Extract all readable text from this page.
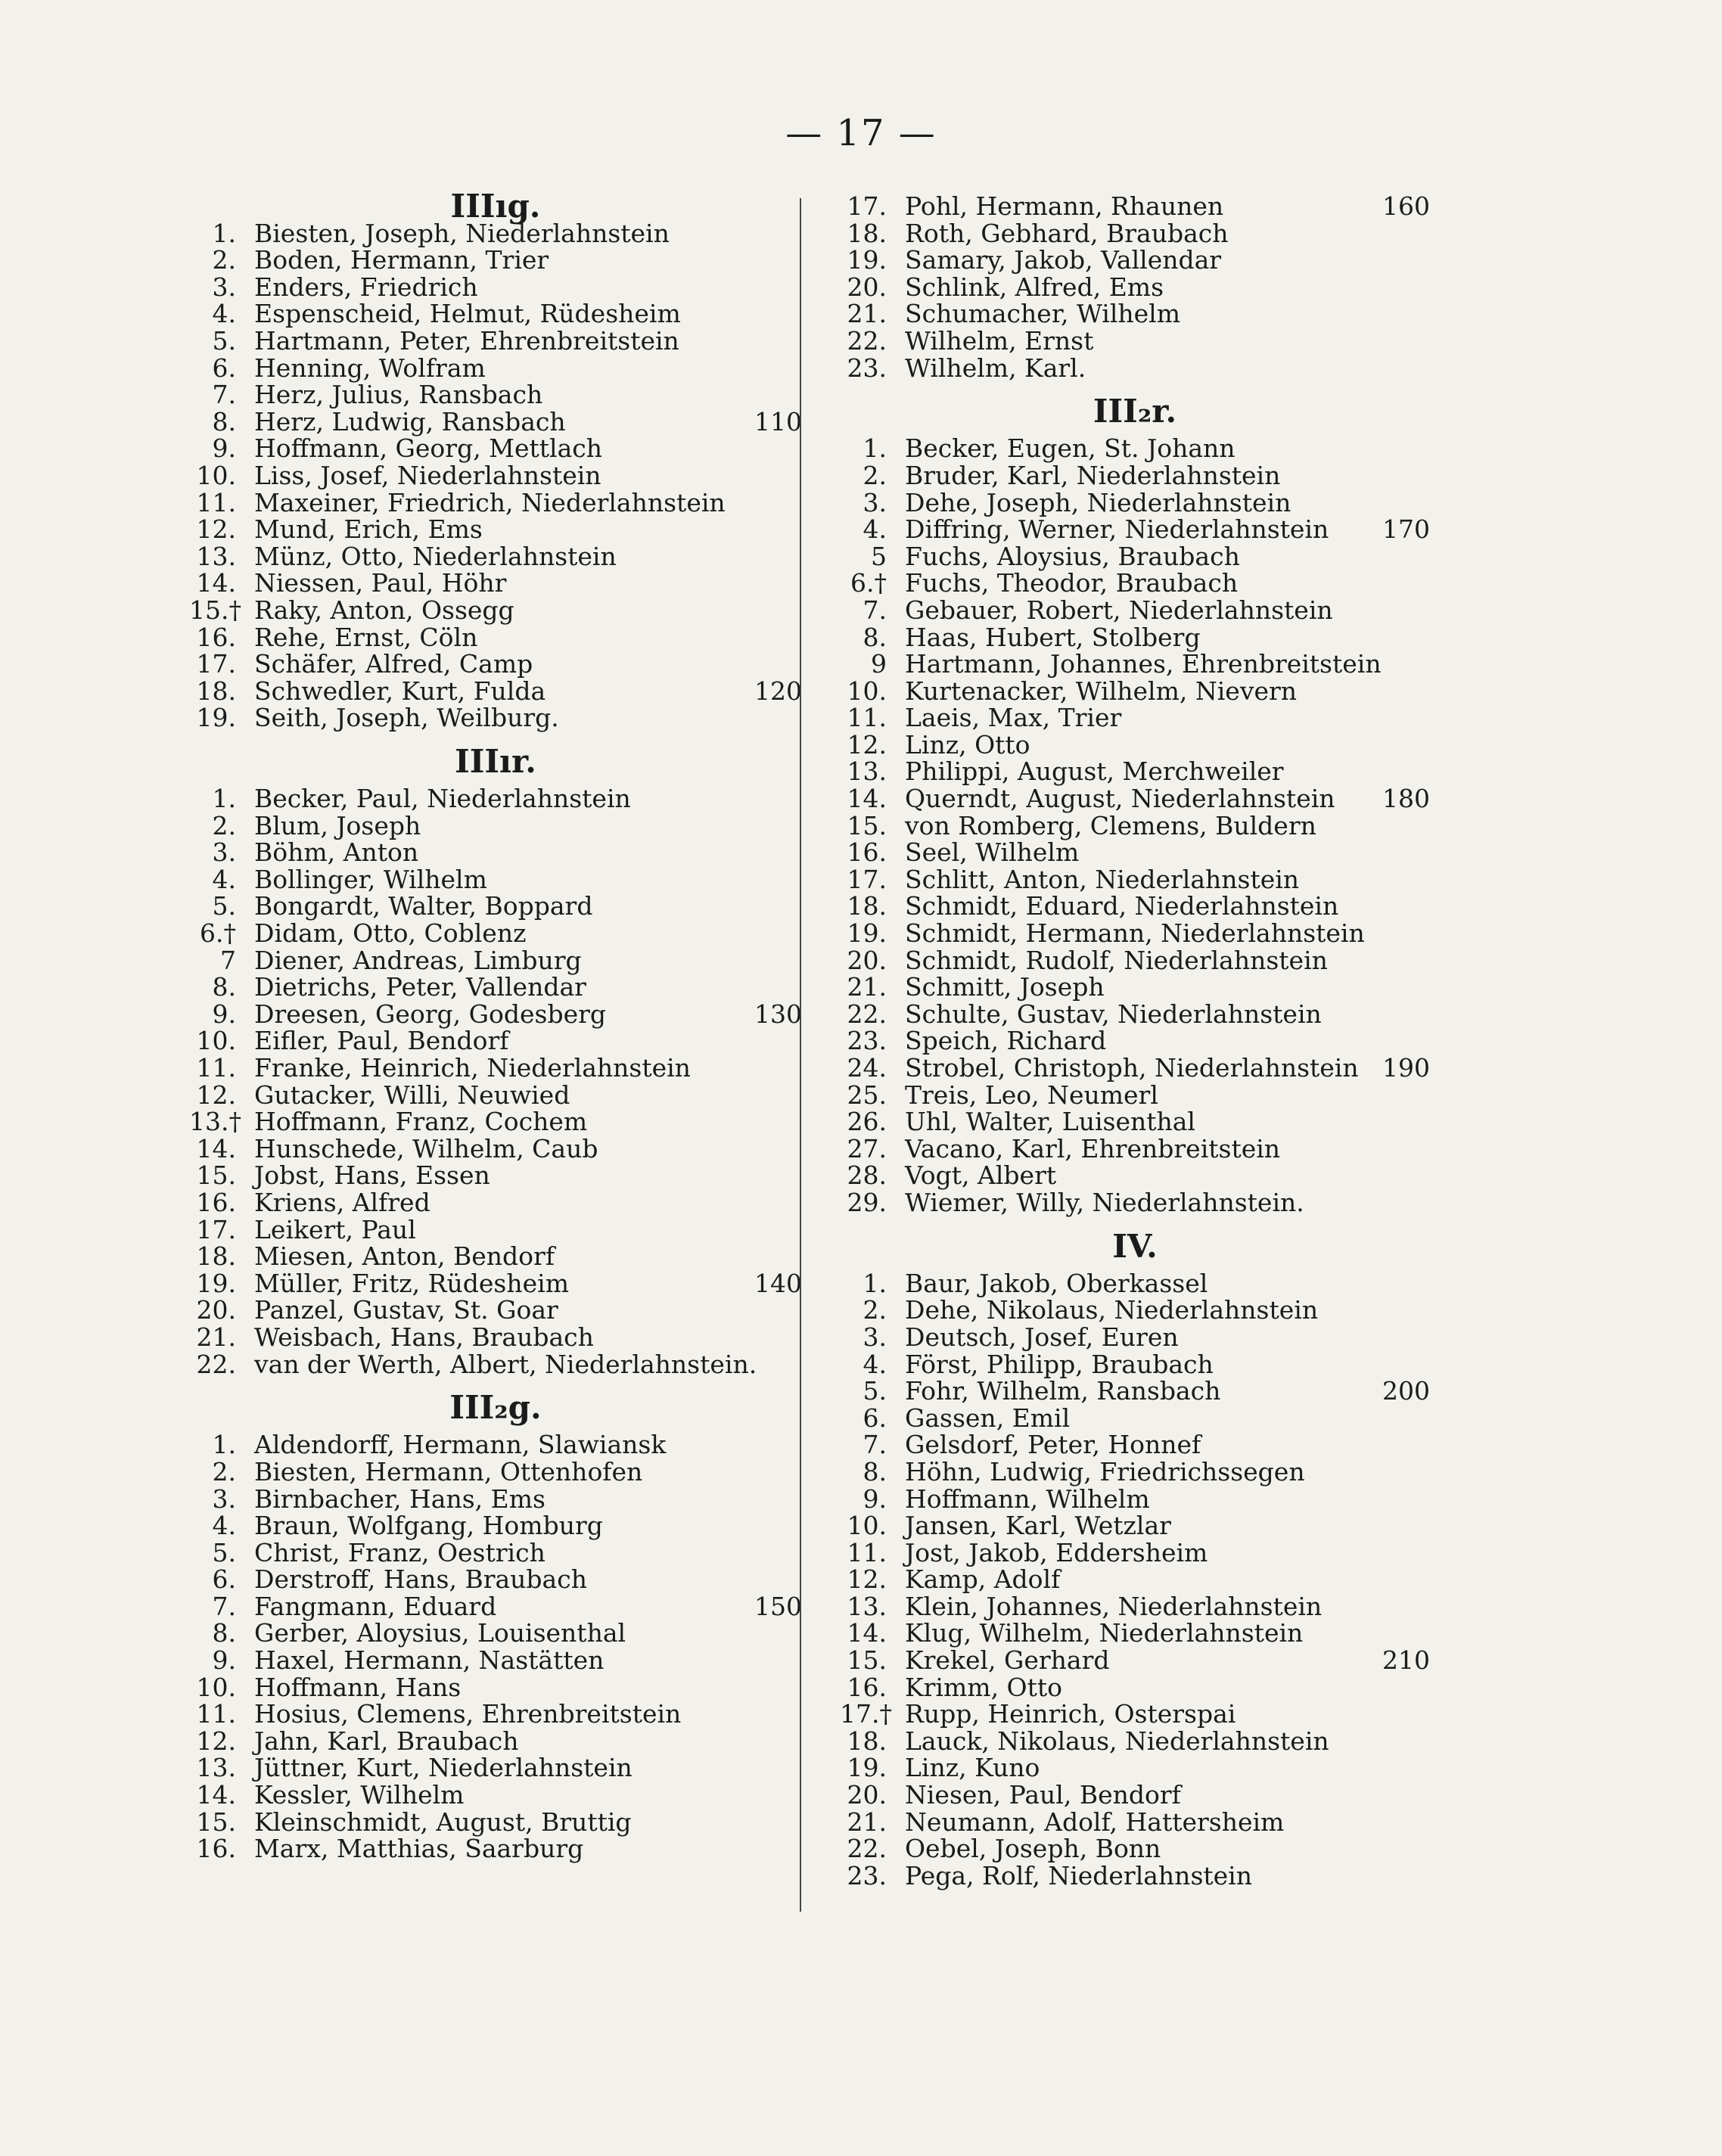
— 17 —
IIIıg.
1. Biesten, Joseph, Niederlahnstein
2. Boden, Hermann, Trier
3. Enders, Friedrich
4. Espenscheid, Helmut, Rüdesheim
5. Hartmann, Peter, Ehrenbreitstein
6. Henning, Wolfram
7. Herz, Julius, Ransbach
8. Herz, Ludwig, Ransbach	110
9. Hoffmann, Georg, Mettlach
10. Liss, Josef, Niederlahnstein
11. Maxeiner, Friedrich, Niederlahnstein
12. Mund, Erich, Ems
13. Münz, Otto, Niederlahnstein
14. Niessen, Paul, Höhr
15.† Raky, Anton, Ossegg
16. Rehe, Ernst, Cöln
17. Schäfer, Alfred, Camp
18. Schwedler, Kurt, Fulda	120
19. Seith, Joseph, Weilburg.
IIIır.
1. Becker, Paul, Niederlahnstein
2. Blum, Joseph
3. Böhm, Anton
4. Bollinger, Wilhelm
5. Bongardt, Walter, Boppard
6.† Didam, Otto, Coblenz
7 Diener, Andreas, Limburg
8. Dietrichs, Peter, Vallendar
9. Dreesen, Georg, Godesberg	130
10. Eifler, Paul, Bendorf
11. Franke, Heinrich, Niederlahnstein
12. Gutacker, Willi, Neuwied
13.† Hoffmann, Franz, Cochem
14. Hunschede, Wilhelm, Caub
15. Jobst, Hans, Essen
16. Kriens, Alfred
17. Leikert, Paul
18. Miesen, Anton, Bendorf
19. Müller, Fritz, Rüdesheim	140
20. Panzel, Gustav, St. Goar
21. Weisbach, Hans, Braubach
22. van der Werth, Albert, Niederlahnstein.
III₂g.
1. Aldendorff, Hermann, Slawiansk
2. Biesten, Hermann, Ottenhofen
3. Birnbacher, Hans, Ems
4. Braun, Wolfgang, Homburg
5. Christ, Franz, Oestrich
6. Derstroff, Hans, Braubach
7. Fangmann, Eduard	150
8. Gerber, Aloysius, Louisenthal
9. Haxel, Hermann, Nastätten
10. Hoffmann, Hans
11. Hosius, Clemens, Ehrenbreitstein
12. Jahn, Karl, Braubach
13. Jüttner, Kurt, Niederlahnstein
14. Kessler, Wilhelm
15. Kleinschmidt, August, Bruttig
16. Marx, Matthias, Saarburg
17. Pohl, Hermann, Rhaunen	160
18. Roth, Gebhard, Braubach
19. Samary, Jakob, Vallendar
20. Schlink, Alfred, Ems
21. Schumacher, Wilhelm
22. Wilhelm, Ernst
23. Wilhelm, Karl.
III₂r.
1. Becker, Eugen, St. Johann
2. Bruder, Karl, Niederlahnstein
3. Dehe, Joseph, Niederlahnstein
4. Diffring, Werner, Niederlahnstein 170
5 Fuchs, Aloysius, Braubach
6.† Fuchs, Theodor, Braubach
7. Gebauer, Robert, Niederlahnstein
8. Haas, Hubert, Stolberg
9 Hartmann, Johannes, Ehrenbreitstein
10. Kurtenacker, Wilhelm, Nievern
11. Laeis, Max, Trier
12. Linz, Otto
13. Philippi, August, Merchweiler
14. Querndt, August, Niederlahnstein 180
15. von Romberg, Clemens, Buldern
16. Seel, Wilhelm
17. Schlitt, Anton, Niederlahnstein
18. Schmidt, Eduard, Niederlahnstein
19. Schmidt, Hermann, Niederlahnstein
20. Schmidt, Rudolf, Niederlahnstein
21. Schmitt, Joseph
22. Schulte, Gustav, Niederlahnstein
23. Speich, Richard
24. Strobel, Christoph, Niederlahnstein 190
25. Treis, Leo, Neumerl
26. Uhl, Walter, Luisenthal
27. Vacano, Karl, Ehrenbreitstein
28. Vogt, Albert
29. Wiemer, Willy, Niederlahnstein.
IV.
1. Baur, Jakob, Oberkassel
2. Dehe, Nikolaus, Niederlahnstein
3. Deutsch, Josef, Euren
4. Först, Philipp, Braubach
5. Fohr, Wilhelm, Ransbach	200
6. Gassen, Emil
7. Gelsdorf, Peter, Honnef
8. Höhn, Ludwig, Friedrichssegen
9. Hoffmann, Wilhelm
10. Jansen, Karl, Wetzlar
11. Jost, Jakob, Eddersheim
12. Kamp, Adolf
13. Klein, Johannes, Niederlahnstein
14. Klug, Wilhelm, Niederlahnstein
15. Krekel, Gerhard	210
16. Krimm, Otto
17.† Rupp, Heinrich, Osterspai
18. Lauck, Nikolaus, Niederlahnstein
19. Linz, Kuno
20. Niesen, Paul, Bendorf
21. Neumann, Adolf, Hattersheim
22. Oebel, Joseph, Bonn
23. Pega, Rolf, Niederlahnstein
